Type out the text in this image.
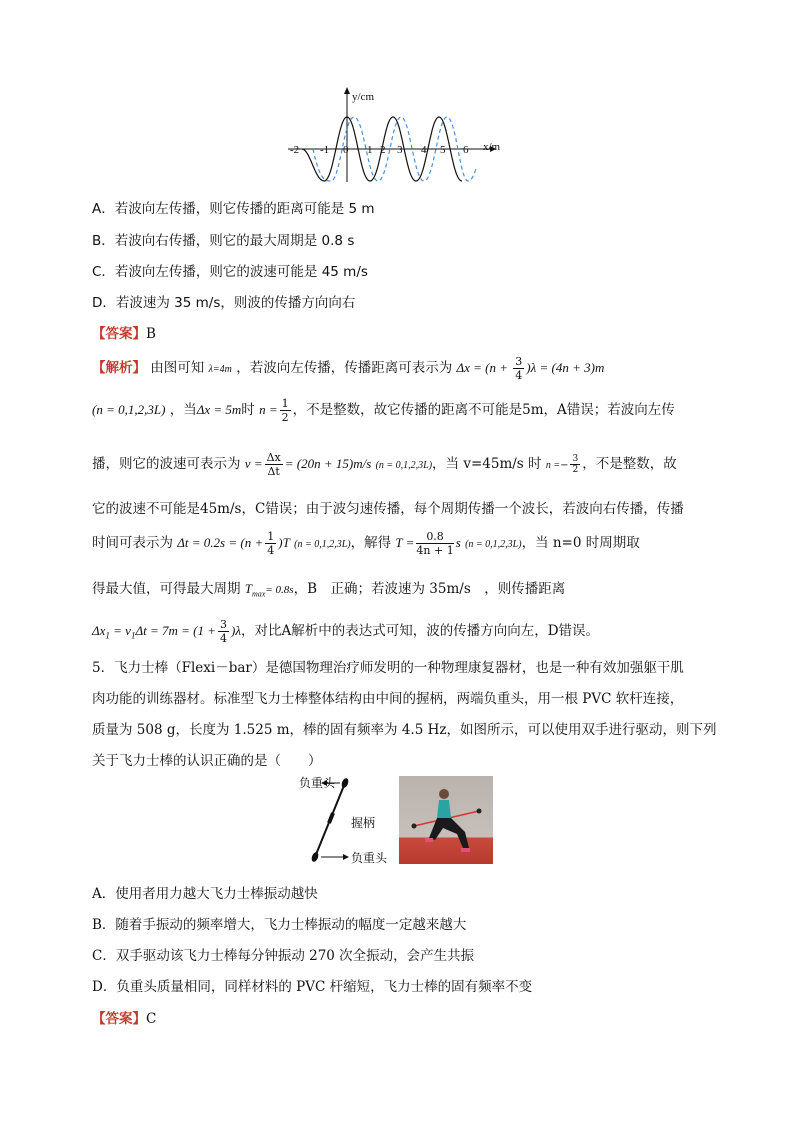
y/cm
x/m
-2 -1 0 1 2 3 4 5 6
A．若波向左传播，则它传播的距离可能是 5 m
B．若波向右传播，则它的最大周期是 0.8 s
C．若波向左传播，则它的波速可能是 45 m/s
D．若波速为 35 m/s，则波的传播方向向右
【答案】B
【解析】 由图可知 λ=4m ，若波向左传播，传播距离可表示为 $\Delta x = (n + \frac{3}{4} )\lambda = (4n + 3)m$
(n = 0,1,2,3L) ，当Δx = 5m时 $n = \frac{1}{2}$ ，不是整数，故它传播的距离不可能是5m，A错误；若波向左传
播，则它的波速可表示为 $v = \frac{\Delta x}{\Delta t} = (20n + 15)m/s$ (n = 0,1,2,3L)，当 v=45m/s 时 $n =- \frac{3}{2}$ ，不是整数，故
它的波速不可能是45m/s，C错误；由于波匀速传播，每个周期传播一个波长，若波向右传播，传播
时间可表示为 $\Delta t = 0.2s = (n + \frac{1}{4} )T$ (n = 0,1,2,3L)，解得 $T = \frac{0.8}{4n + 1}$ s (n = 0,1,2,3L)，当 n=0 时周期取
得最大值，可得最大周期 $T_{max}= 0.8s$，B　正确；若波速为 35m/s　，则传播距离
$\Delta x_1 = v_1\Delta t = 7m = (1 + \frac{3}{4} )\lambda$，对比A解析中的表达式可知，波的传播方向向左，D错误。
5．飞力士棒（Flexi－bar）是德国物理治疗师发明的一种物理康复器材，也是一种有效加强躯干肌
肉功能的训练器材。标准型飞力士棒整体结构由中间的握柄，两端负重头，用一根 PVC 软杆连接，
质量为 508 g，长度为 1.525 m，棒的固有频率为 4.5 Hz，如图所示，可以使用双手进行驱动，则下列
关于飞力士棒的认识正确的是（　　）
负重头
握柄
负重头
A．使用者用力越大飞力士棒振动越快
B．随着手振动的频率增大，飞力士棒振动的幅度一定越来越大
C．双手驱动该飞力士棒每分钟振动 270 次全振动，会产生共振
D．负重头质量相同，同样材料的 PVC 杆缩短，飞力士棒的固有频率不变
【答案】C
